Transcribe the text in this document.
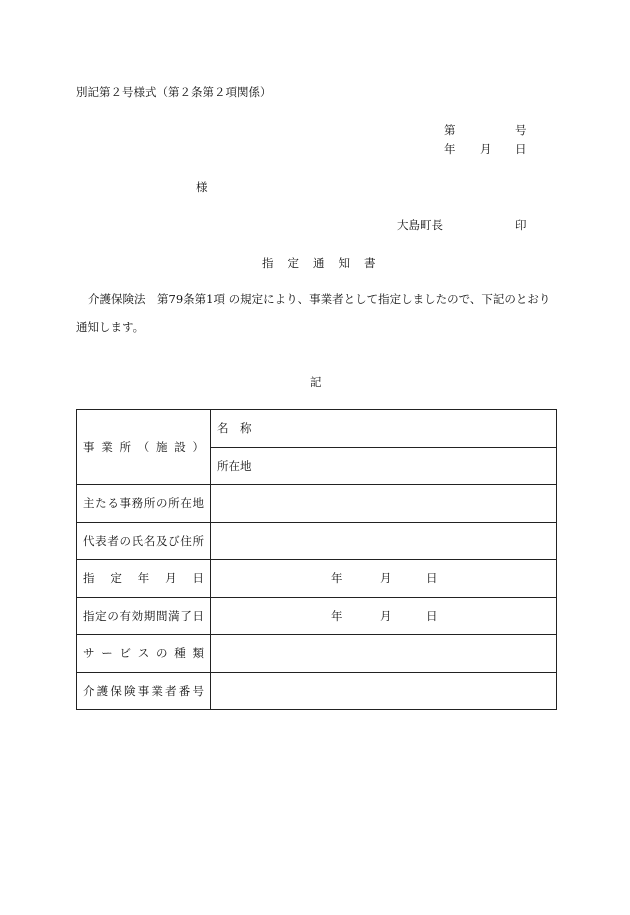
別記第２号様式（第２条第２項関係）
第	号
年 月 日
様
大島町長	印
指定通知書
介護保険法　第79条第1項 の規定により、事業者として指定しましたので、下記のとおり
通知します。
記
事業所（施設）	名　称
	所在地
主たる事務所の所在地	
代表者の氏名及び住所	
指定年月日	年 月 日

指定の有効期間満了日	年 月 日

サービスの種類	
介護保険事業者番号	
